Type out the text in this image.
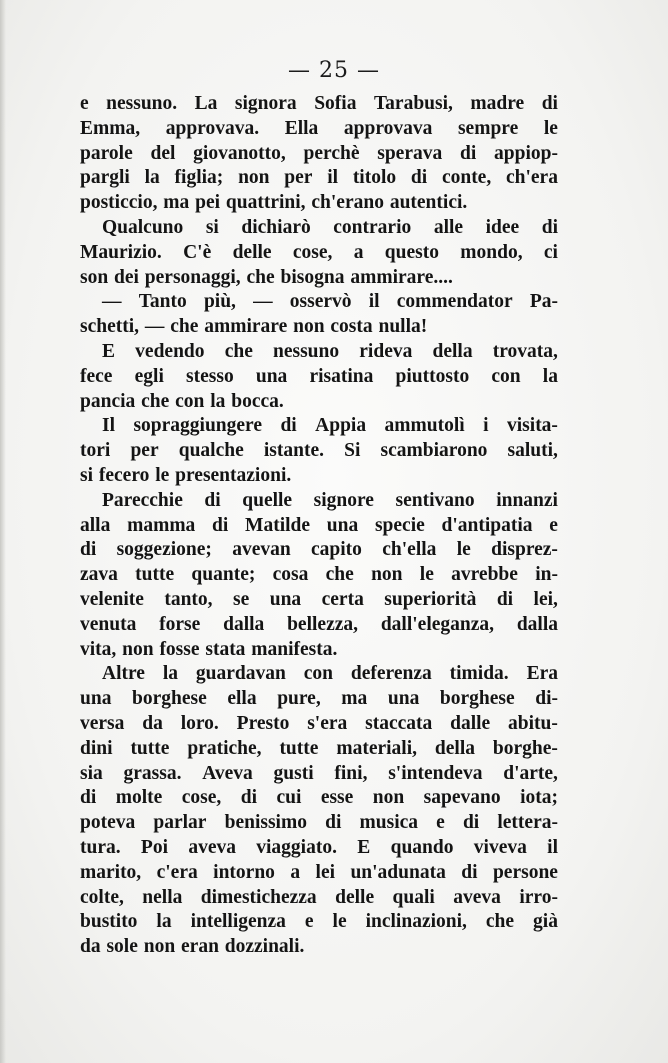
— 25 —
e nessuno. La signora Sofia Tarabusi, madre di
Emma, approvava. Ella approvava sempre le
parole del giovanotto, perchè sperava di appiop-
pargli la figlia; non per il titolo di conte, ch'era
posticcio, ma pei quattrini, ch'erano autentici.
Qualcuno si dichiarò contrario alle idee di
Maurizio. C'è delle cose, a questo mondo, ci
son dei personaggi, che bisogna ammirare....
— Tanto più, — osservò il commendator Pa-
schetti, — che ammirare non costa nulla!
E vedendo che nessuno rideva della trovata,
fece egli stesso una risatina piuttosto con la
pancia che con la bocca.
Il sopraggiungere di Appia ammutolì i visita-
tori per qualche istante. Si scambiarono saluti,
si fecero le presentazioni.
Parecchie di quelle signore sentivano innanzi
alla mamma di Matilde una specie d'antipatia e
di soggezione; avevan capito ch'ella le disprez-
zava tutte quante; cosa che non le avrebbe in-
velenite tanto, se una certa superiorità di lei,
venuta forse dalla bellezza, dall'eleganza, dalla
vita, non fosse stata manifesta.
Altre la guardavan con deferenza timida. Era
una borghese ella pure, ma una borghese di-
versa da loro. Presto s'era staccata dalle abitu-
dini tutte pratiche, tutte materiali, della borghe-
sia grassa. Aveva gusti fini, s'intendeva d'arte,
di molte cose, di cui esse non sapevano iota;
poteva parlar benissimo di musica e di lettera-
tura. Poi aveva viaggiato. E quando viveva il
marito, c'era intorno a lei un'adunata di persone
colte, nella dimestichezza delle quali aveva irro-
bustito la intelligenza e le inclinazioni, che già
da sole non eran dozzinali.
